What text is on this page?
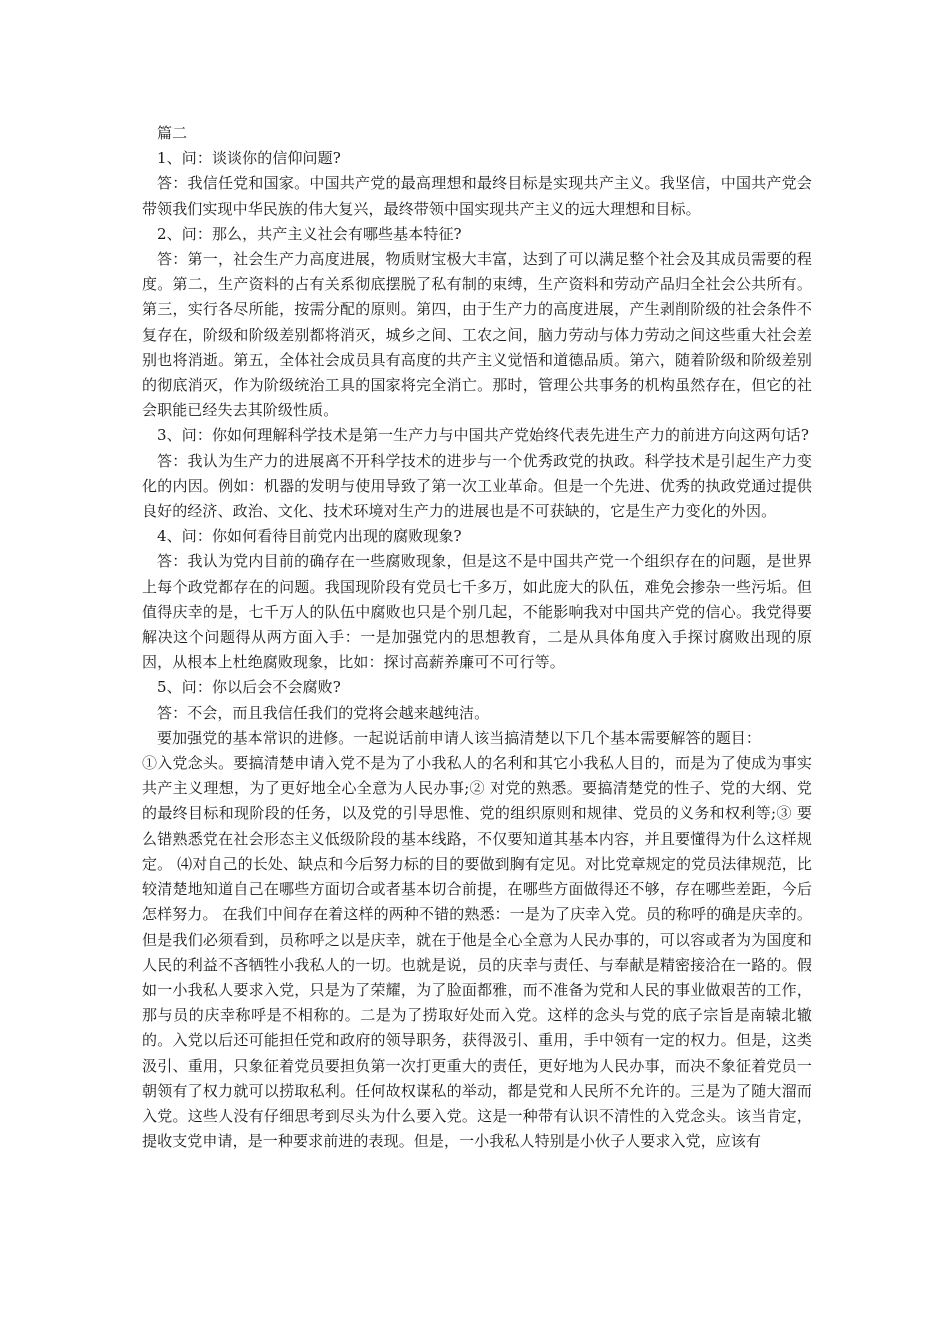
篇二

1、问：谈谈你的信仰问题?

答：我信任党和国家。中国共产党的最高理想和最终目标是实现共产主义。我坚信，中国共产党会带领我们实现中华民族的伟大复兴，最终带领中国实现共产主义的远大理想和目标。

2、问：那么，共产主义社会有哪些基本特征?

答：第一，社会生产力高度进展，物质财宝极大丰富，达到了可以满足整个社会及其成员需要的程度。第二，生产资料的占有关系彻底摆脱了私有制的束缚，生产资料和劳动产品归全社会公共所有。第三，实行各尽所能，按需分配的原则。第四，由于生产力的高度进展，产生剥削阶级的社会条件不复存在，阶级和阶级差别都将消灭，城乡之间、工农之间，脑力劳动与体力劳动之间这些重大社会差别也将消逝。第五，全体社会成员具有高度的共产主义觉悟和道德品质。第六，随着阶级和阶级差别的彻底消灭，作为阶级统治工具的国家将完全消亡。那时，管理公共事务的机构虽然存在，但它的社会职能已经失去其阶级性质。

3、问：你如何理解科学技术是第一生产力与中国共产党始终代表先进生产力的前进方向这两句话?

答：我认为生产力的进展离不开科学技术的进步与一个优秀政党的执政。科学技术是引起生产力变化的内因。例如：机器的发明与使用导致了第一次工业革命。但是一个先进、优秀的执政党通过提供良好的经济、政治、文化、技术环境对生产力的进展也是不可获缺的，它是生产力变化的外因。

4、问：你如何看待目前党内出现的腐败现象?

答：我认为党内目前的确存在一些腐败现象，但是这不是中国共产党一个组织存在的问题，是世界上每个政党都存在的问题。我国现阶段有党员七千多万，如此庞大的队伍，难免会掺杂一些污垢。但值得庆幸的是，七千万人的队伍中腐败也只是个别几起，不能影响我对中国共产党的信心。我党得要解决这个问题得从两方面入手：一是加强党内的思想教育，二是从具体角度入手探讨腐败出现的原因，从根本上杜绝腐败现象，比如：探讨高薪养廉可不可行等。

5、问：你以后会不会腐败?

答：不会，而且我信任我们的党将会越来越纯洁。

要加强党的基本常识的进修。一起说话前申请人该当搞清楚以下几个基本需要解答的题目：

①入党念头。要搞清楚申请入党不是为了小我私人的名利和其它小我私人目的，而是为了使成为事实共产主义理想，为了更好地全心全意为人民办事;② 对党的熟悉。要搞清楚党的性子、党的大纲、党的最终目标和现阶段的任务，以及党的引导思惟、党的组织原则和规律、党员的义务和权利等;③ 要么错熟悉党在社会形态主义低级阶段的基本线路，不仅要知道其基本内容，并且要懂得为什么这样规定。 ⑷对自己的长处、缺点和今后努力标的目的要做到胸有定见。对比党章规定的党员法律规范，比较清楚地知道自己在哪些方面切合或者基本切合前提，在哪些方面做得还不够，存在哪些差距，今后怎样努力。 在我们中间存在着这样的两种不错的熟悉：一是为了庆幸入党。员的称呼的确是庆幸的。但是我们必须看到，员称呼之以是庆幸，就在于他是全心全意为人民办事的，可以容或者为为国度和人民的利益不吝牺牲小我私人的一切。也就是说，员的庆幸与责任、与奉献是精密接洽在一路的。假如一小我私人要求入党，只是为了荣耀，为了脸面都雅，而不准备为党和人民的事业做艰苦的工作，那与员的庆幸称呼是不相称的。二是为了捞取好处而入党。这样的念头与党的底子宗旨是南辕北辙的。入党以后还可能担任党和政府的领导职务，获得汲引、重用，手中领有一定的权力。但是，这类汲引、重用，只象征着党员要担负第一次打更重大的责任，更好地为人民办事，而决不象征着党员一朝领有了权力就可以捞取私利。任何故权谋私的举动，都是党和人民所不允许的。三是为了随大溜而入党。这些人没有仔细思考到尽头为什么要入党。这是一种带有认识不清性的入党念头。该当肯定，提收支党申请，是一种要求前进的表现。但是，一小我私人特别是小伙子人要求入党，应该有
